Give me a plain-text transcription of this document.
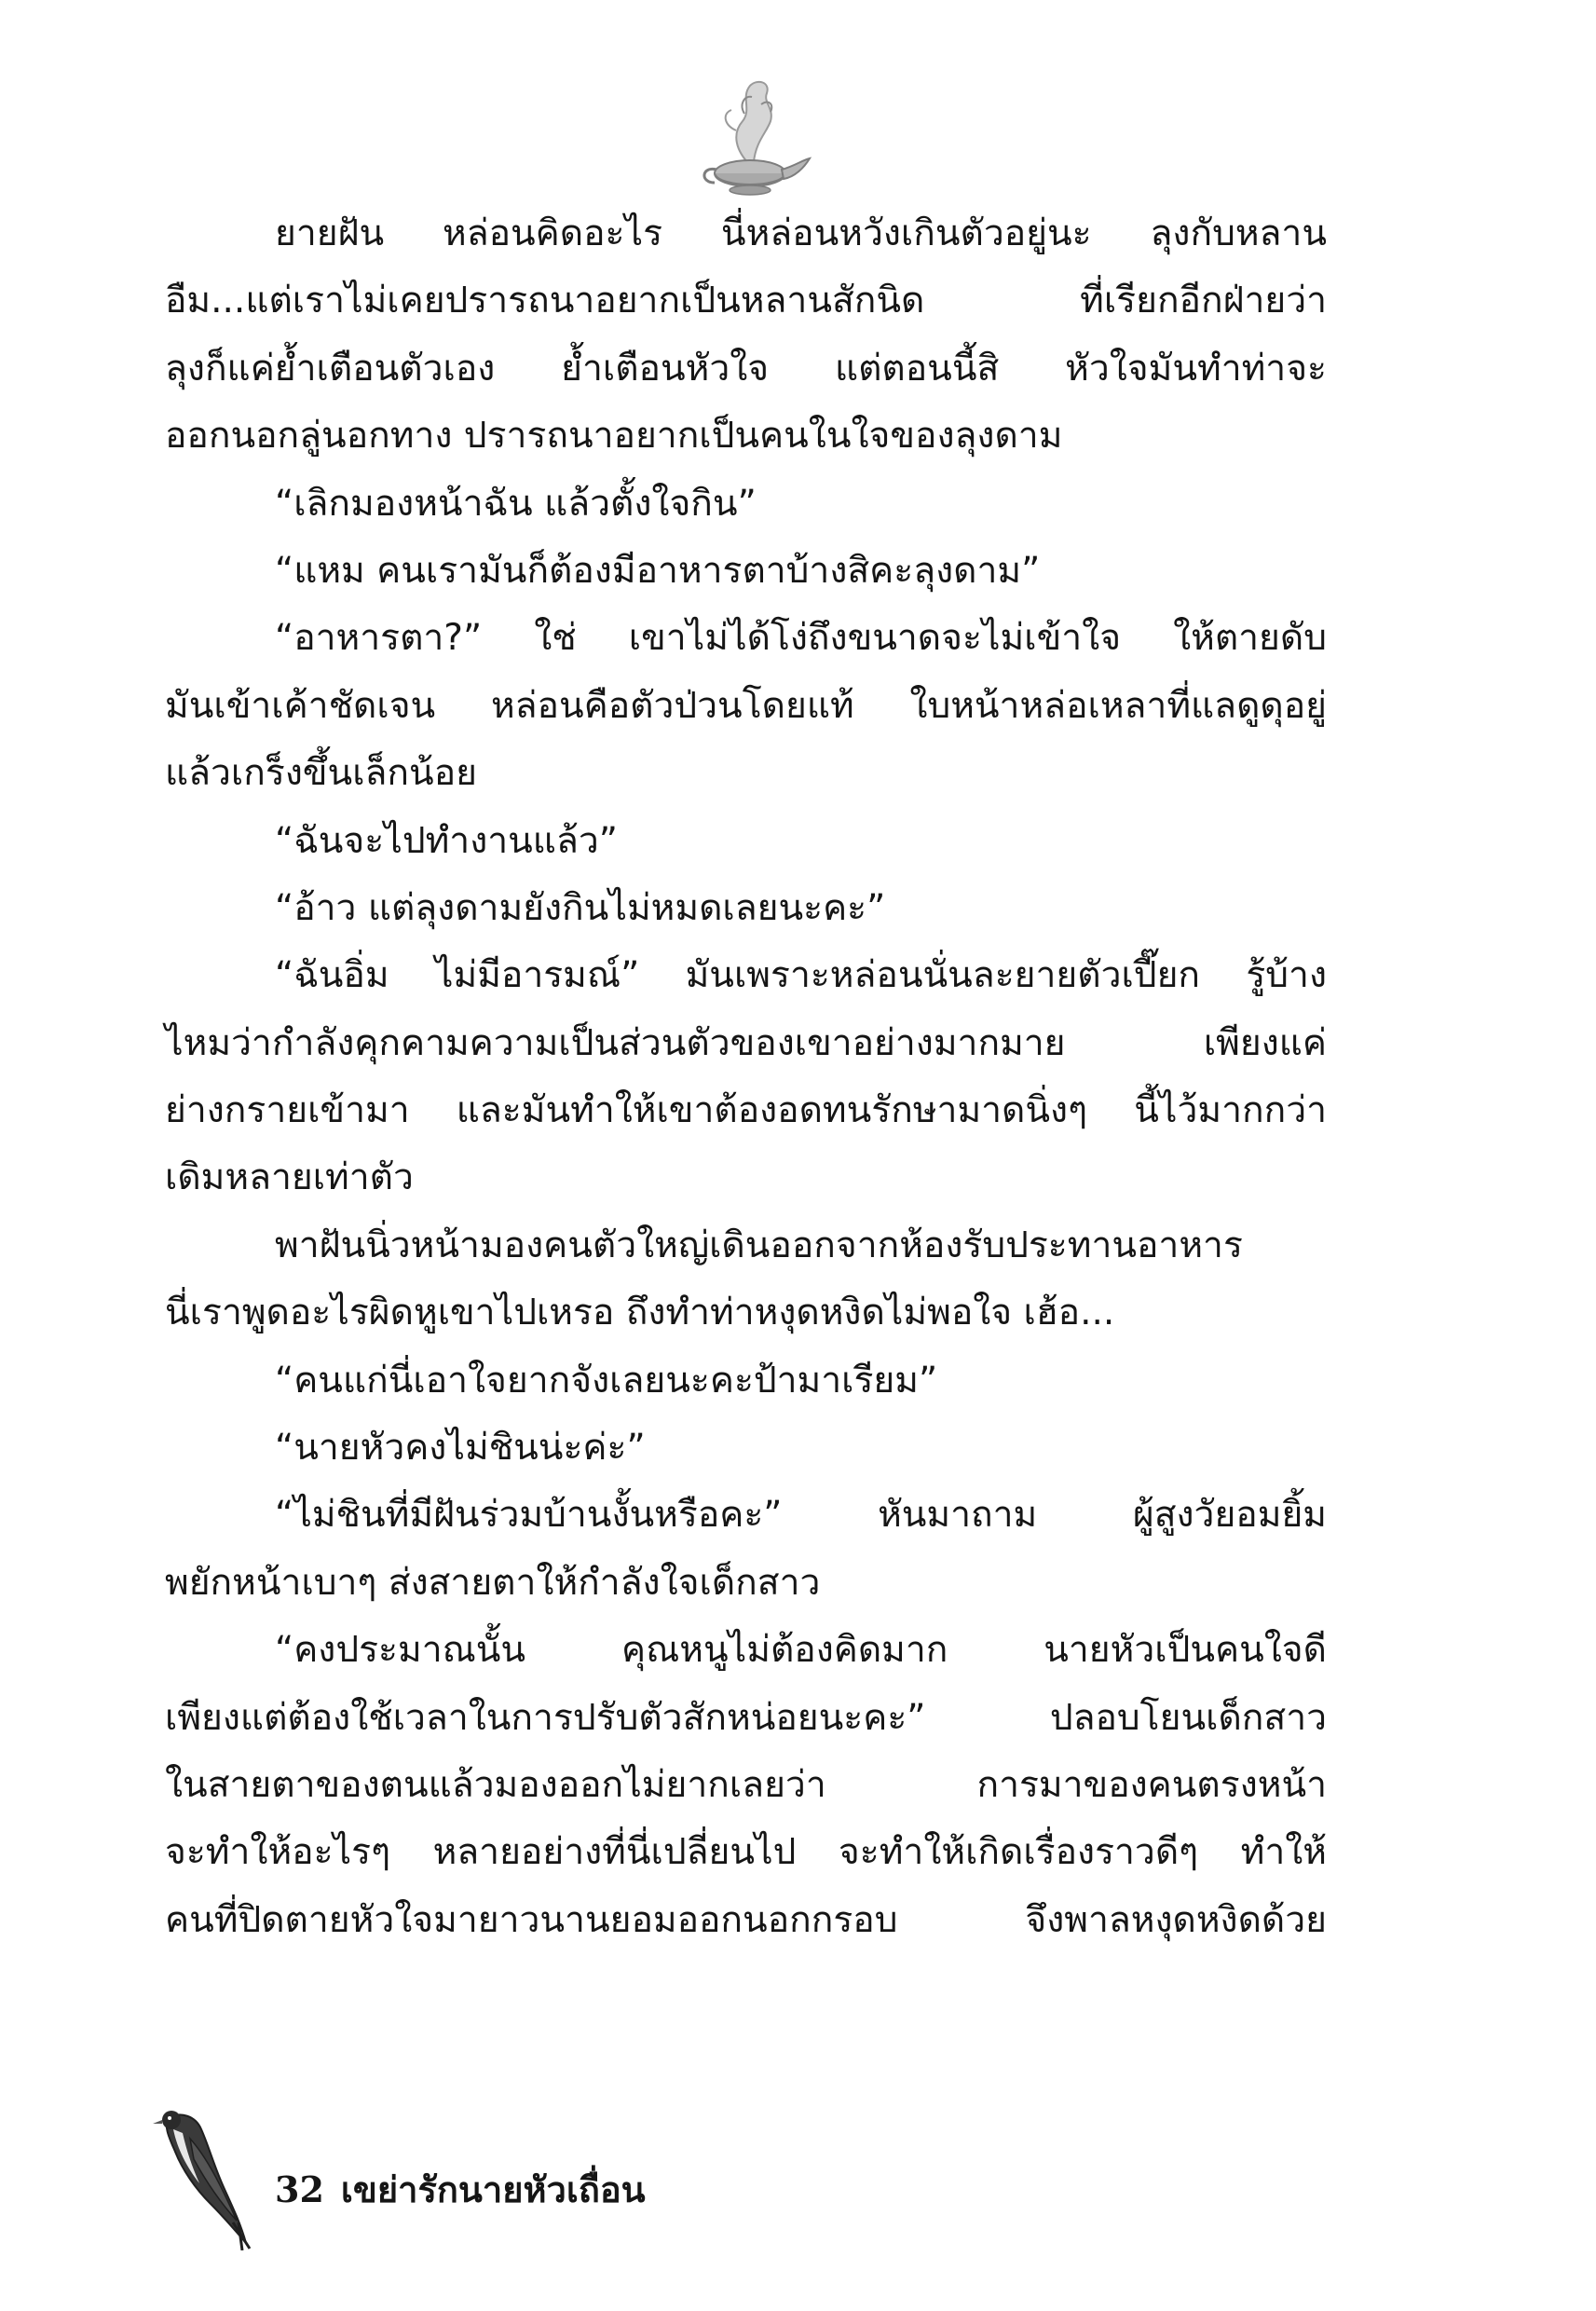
ยายฝัน หล่อนคิดอะไร นี่หล่อนหวังเกินตัวอยู่นะ ลุงกับหลาน
อืม...แต่เราไม่เคยปรารถนาอยากเป็นหลานสักนิด ที่เรียกอีกฝ่ายว่า
ลุงก็แค่ย้ำเตือนตัวเอง ย้ำเตือนหัวใจ แต่ตอนนี้สิ หัวใจมันทำท่าจะ
ออกนอกลู่นอกทาง ปรารถนาอยากเป็นคนในใจของลุงดาม
“เลิกมองหน้าฉัน แล้วตั้งใจกิน”
“แหม คนเรามันก็ต้องมีอาหารตาบ้างสิคะลุงดาม”
“อาหารตา?” ใช่ เขาไม่ได้โง่ถึงขนาดจะไม่เข้าใจ ให้ตายดับ
มันเข้าเค้าชัดเจน หล่อนคือตัวป่วนโดยแท้ ใบหน้าหล่อเหลาที่แลดูดุอยู่
แล้วเกร็งขึ้นเล็กน้อย
“ฉันจะไปทำงานแล้ว”
“อ้าว แต่ลุงดามยังกินไม่หมดเลยนะคะ”
“ฉันอิ่ม ไม่มีอารมณ์” มันเพราะหล่อนนั่นละยายตัวเปี๊ยก รู้บ้าง
ไหมว่ากำลังคุกคามความเป็นส่วนตัวของเขาอย่างมากมาย เพียงแค่
ย่างกรายเข้ามา และมันทำให้เขาต้องอดทนรักษามาดนิ่งๆ นี้ไว้มากกว่า
เดิมหลายเท่าตัว
พาฝันนิ่วหน้ามองคนตัวใหญ่เดินออกจากห้องรับประทานอาหาร
นี่เราพูดอะไรผิดหูเขาไปเหรอ ถึงทำท่าหงุดหงิดไม่พอใจ เฮ้อ...
“คนแก่นี่เอาใจยากจังเลยนะคะป้ามาเรียม”
“นายหัวคงไม่ชินน่ะค่ะ”
“ไม่ชินที่มีฝันร่วมบ้านงั้นหรือคะ” หันมาถาม ผู้สูงวัยอมยิ้ม
พยักหน้าเบาๆ ส่งสายตาให้กำลังใจเด็กสาว
“คงประมาณนั้น คุณหนูไม่ต้องคิดมาก นายหัวเป็นคนใจดี
เพียงแต่ต้องใช้เวลาในการปรับตัวสักหน่อยนะคะ” ปลอบโยนเด็กสาว
ในสายตาของตนแล้วมองออกไม่ยากเลยว่า การมาของคนตรงหน้า
จะทำให้อะไรๆ หลายอย่างที่นี่เปลี่ยนไป จะทำให้เกิดเรื่องราวดีๆ ทำให้
คนที่ปิดตายหัวใจมายาวนานยอมออกนอกกรอบ จึงพาลหงุดหงิดด้วย
32 เขย่ารักนายหัวเถื่อน
